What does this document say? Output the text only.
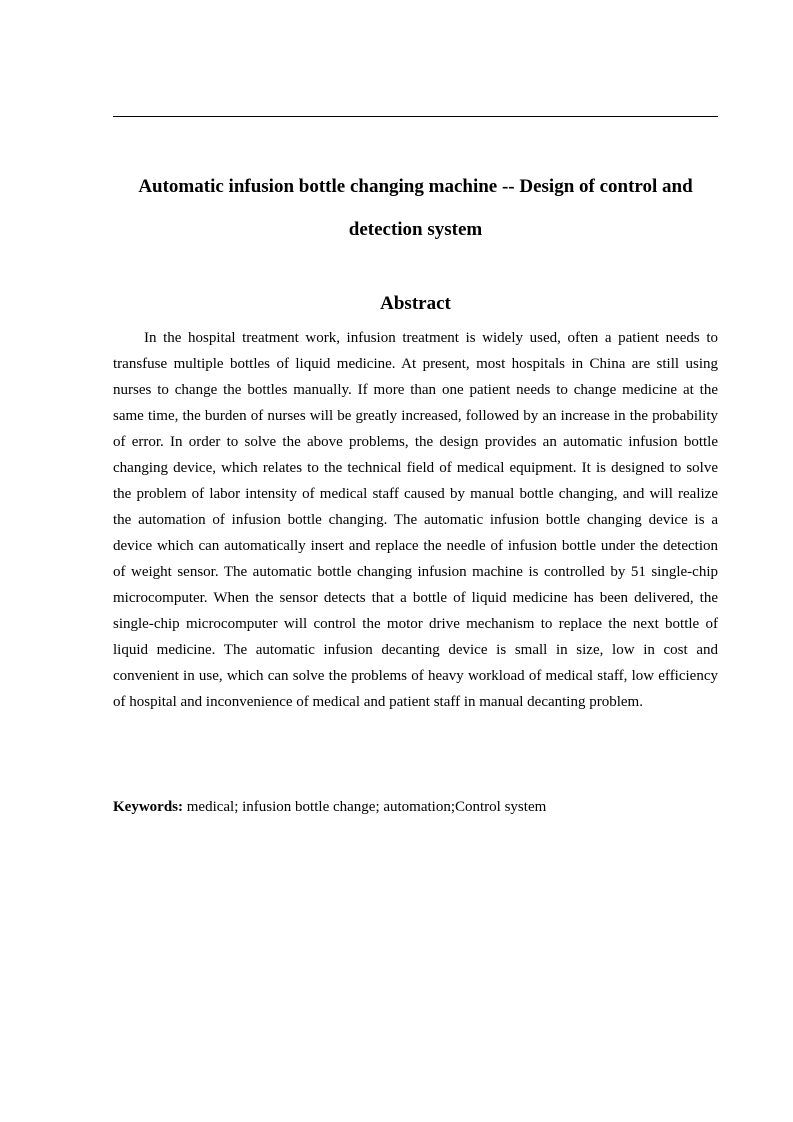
Automatic infusion bottle changing machine -- Design of control and detection system
Abstract

In the hospital treatment work, infusion treatment is widely used, often a patient needs to transfuse multiple bottles of liquid medicine. At present, most hospitals in China are still using nurses to change the bottles manually. If more than one patient needs to change medicine at the same time, the burden of nurses will be greatly increased, followed by an increase in the probability of error. In order to solve the above problems, the design provides an automatic infusion bottle changing device, which relates to the technical field of medical equipment. It is designed to solve the problem of labor intensity of medical staff caused by manual bottle changing, and will realize the automation of infusion bottle changing. The automatic infusion bottle changing device is a device which can automatically insert and replace the needle of infusion bottle under the detection of weight sensor. The automatic bottle changing infusion machine is controlled by 51 single-chip microcomputer. When the sensor detects that a bottle of liquid medicine has been delivered, the single-chip microcomputer will control the motor drive mechanism to replace the next bottle of liquid medicine. The automatic infusion decanting device is small in size, low in cost and convenient in use, which can solve the problems of heavy workload of medical staff, low efficiency of hospital and inconvenience of medical and patient staff in manual decanting problem.

Keywords: medical; infusion bottle change; automation;Control system
